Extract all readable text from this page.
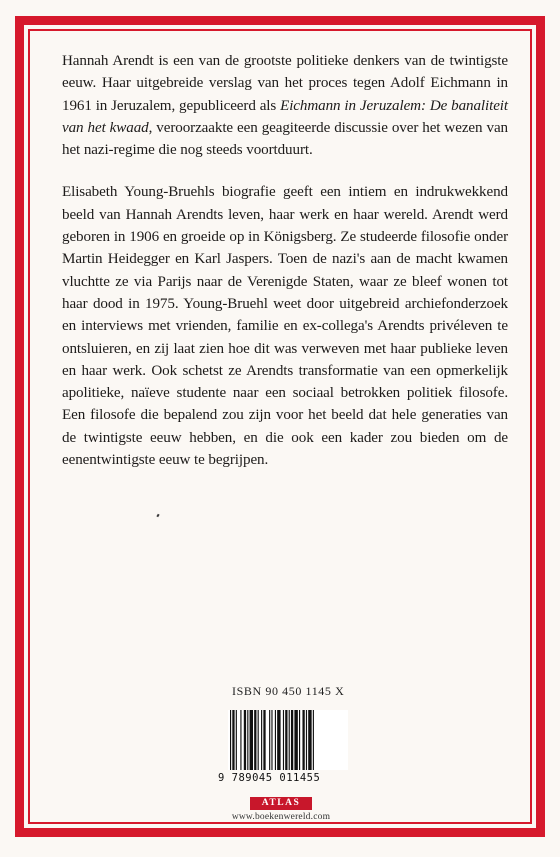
Hannah Arendt is een van de grootste politieke denkers van de twintigste eeuw. Haar uitgebreide verslag van het proces tegen Adolf Eichmann in 1961 in Jeruzalem, gepubliceerd als Eichmann in Jeruzalem: De banaliteit van het kwaad, veroorzaakte een geagiteerde discussie over het wezen van het nazi-regime die nog steeds voortduurt.

Elisabeth Young-Bruehls biografie geeft een intiem en indrukwekkend beeld van Hannah Arendts leven, haar werk en haar wereld. Arendt werd geboren in 1906 en groeide op in Königsberg. Ze studeerde filosofie onder Martin Heidegger en Karl Jaspers. Toen de nazi's aan de macht kwamen vluchtte ze via Parijs naar de Verenigde Staten, waar ze bleef wonen tot haar dood in 1975. Young-Bruehl weet door uitgebreid archiefonderzoek en interviews met vrienden, familie en ex-collega's Arendts privéleven te ontsluieren, en zij laat zien hoe dit was verweven met haar publieke leven en haar werk. Ook schetst ze Arendts transformatie van een opmerkelijk apolitieke, naïeve studente naar een sociaal betrokken politiek filosofe. Een filosofe die bepalend zou zijn voor het beeld dat hele generaties van de twintigste eeuw hebben, en die ook een kader zou bieden om de eenentwintigste eeuw te begrijpen.

ISBN 90 450 1145 X
9 789045 011455
ATLAS
www.boekenwereld.com
